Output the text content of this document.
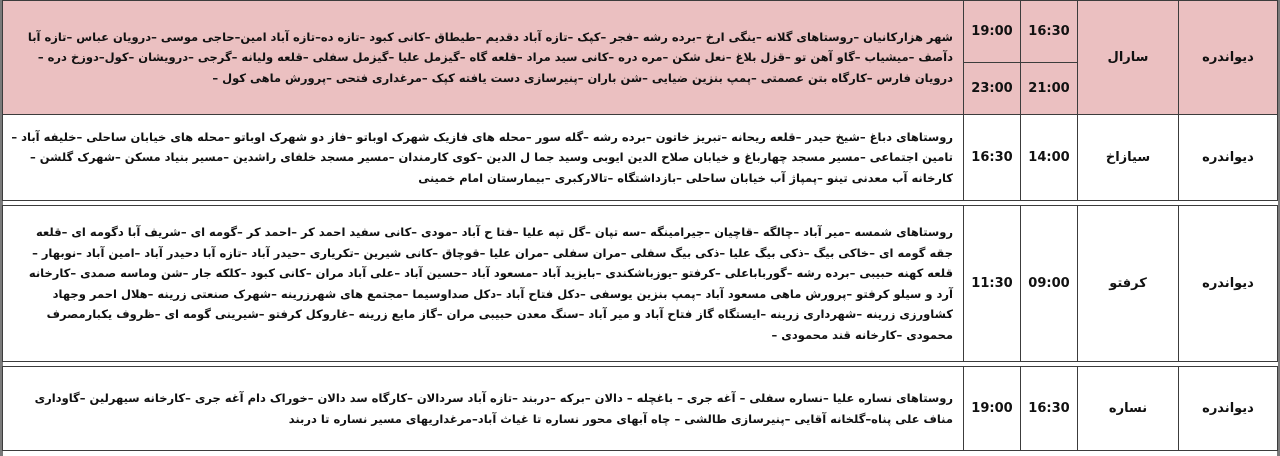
دیواندره	سارال	16:30	19:00	شهر هزارکانیان –روستاهای گلانه –ینگی ارخ –برده رشه –فجر –کپک –تازه آباد دقدیم –طیطاق –کانی کبود –تازه ده–تازه آباد امین–حاجی موسی –درویان عباس –تازه آبا دآصف –میشیاب –گاو آهن تو –قزل بلاغ –نعل شکن –مره دره –کانی سید مراد –قلعه گاه –گیزمل علیا –گیزمل سفلی –قلعه ولیانه –گرجی –درویشان –کول–دوزخ دره –درویان فارس –کارگاه بتن عصمتی –پمپ بنزین ضیایی –شن باران –پنیرسازی دست یافته کپک –مرغداری فتحی –پرورش ماهی کول –
		21:00	23:00	
دیواندره	سیازاخ	14:00	16:30	روستاهای دباغ –شیخ حیدر –قلعه ریحانه –تبریز خاتون –برده رشه –گله سور –محله های فازیک شهرک اوباتو –فاز دو شهرک اوباتو –محله های خیابان ساحلی –خلیفه آباد –تامین اجتماعی –مسیر مسجد چهارباغ و خیابان صلاح الدین ایوبی وسید جما ل الدین –کوی کارمندان –مسیر مسجد خلفای راشدین –مسیر بنیاد مسکن –شهرک گلشن –کارخانه آب معدنی تینو –پمپاژ آب خیابان ساحلی –بازداشتگاه –تالارکبری –بیمارستان امام خمینی

دیواندره	کرفتو	09:00	11:30	روستاهای شمسه –میر آباد –چالگه –قاچیان –جیرامینگه –سه تپان –گل تپه علیا –فتا ح آباد –مودی –کانی سفید احمد کر –احمد کر –گومه ای –شریف آبا دگومه ای –قلعه جقه گومه ای –خاکی بیگ –ذکی بیگ علیا –ذکی بیگ سفلی –مران سفلی –مران علیا –قوچاق –کانی شیرین –تکریاری –حیدر آباد –تازه آبا دحیدر آباد –امین آباد –نوبهار –قلعه کهنه حبیبی –برده رشه –گورباباعلی –کرفتو –یوزباشکندی –بایزید آباد –مسعود آباد –حسین آباد –علی آباد مران –کانی کبود –کلکه جار –شن وماسه صمدی –کارخانه آرد و سیلو کرفتو –پرورش ماهی مسعود آباد –پمپ بنزین یوسفی –دکل فتاح آباد –دکل صداوسیما –مجتمع های شهرزرینه –شهرک صنعتی زرینه –هلال احمر وجهاد کشاورزی زرینه –شهرداری زرینه –ایستگاه گاز فتاح آباد و میر آباد –سنگ معدن حبیبی مران –گاز مایع زرینه –غاروکل کرفتو –شیرینی گومه ای –ظروف یکبارمصرف محمودی –کارخانه قند محمودی –

دیواندره	نساره	16:30	19:00	روستاهای نساره علیا –نساره سفلی – آغه جری – باغچله – دالان –برکه –دربند –تازه آباد سردالان –کارگاه سد دالان –خوراک دام آغه جری –کارخانه سیهرلین –گاوداری مناف علی پناه–گلخانه آقایی –پنیرسازی طالشی – چاه آبهای محور نساره تا غیاث آباد–مرغداریهای مسیر نساره تا دربند
